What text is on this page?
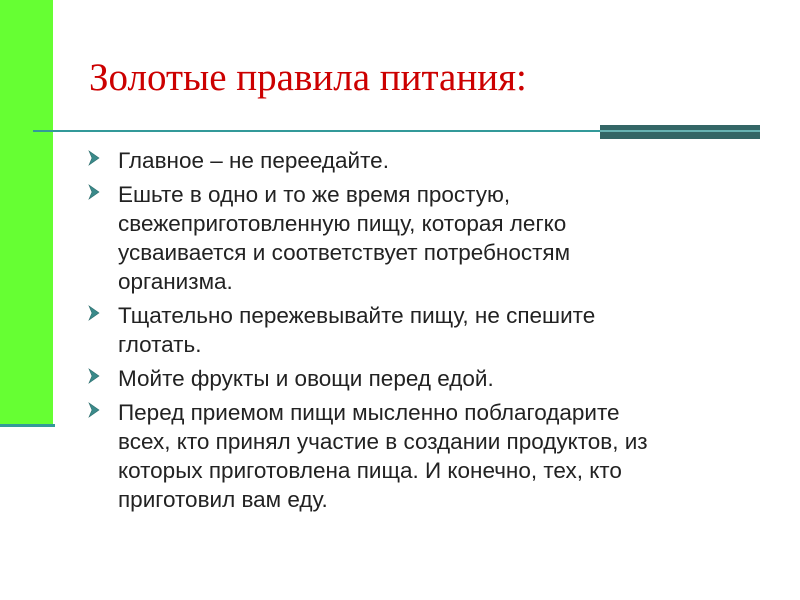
Золотые правила питания:
Главное – не переедайте.
Ешьте в одно и то же время простую,
свежеприготовленную пищу, которая легко
усваивается и соответствует потребностям
организма.
Тщательно пережевывайте пищу, не спешите
глотать.
Мойте фрукты и овощи перед едой.
Перед приемом пищи мысленно поблагодарите
всех, кто принял участие в создании продуктов, из
которых приготовлена пища. И конечно, тех, кто
приготовил вам еду.
